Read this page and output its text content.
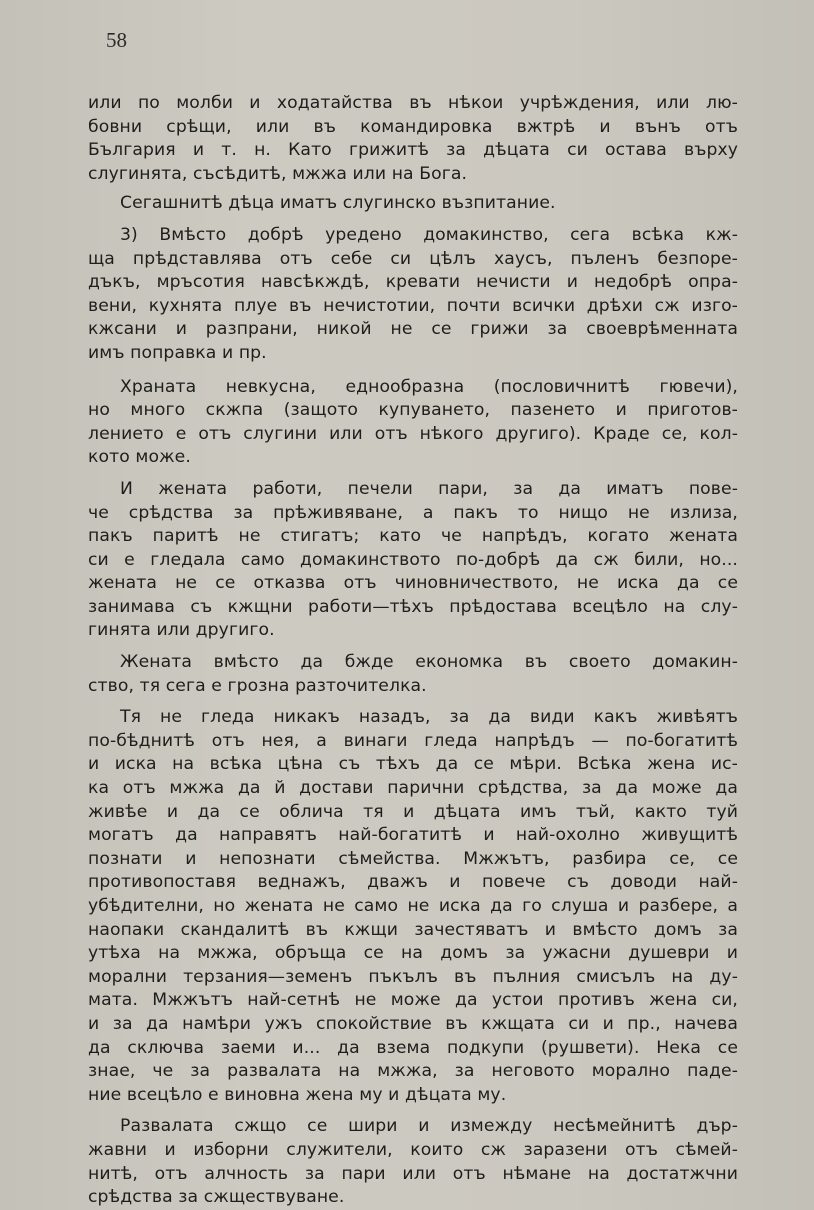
58
или по молби и ходатайства въ нѣкои учрѣждения, или лю-
бовни срѣщи, или въ командировка вжтрѣ и вънъ отъ
България и т. н. Като грижитѣ за дѣцата си остава върху
слугинята, съсѣдитѣ, мжжа или на Бога.
Сегашнитѣ дѣца иматъ слугинско възпитание.
3) Вмѣсто добрѣ уредено домакинство, сега всѣка кж-
ща прѣдставлява отъ себе си цѣлъ хаусъ, пъленъ безпоре-
дъкъ, мръсотия навсѣкждѣ, кревати нечисти и недобрѣ опра-
вени, кухнята плуе въ нечистотии, почти всички дрѣхи сж изго-
кжсани и разпрани, никой не се грижи за своеврѣменната
имъ поправка и пр.
Храната невкусна, еднообразна (пословичнитѣ гювечи),
но много скжпа (защото купуването, пазенето и приготов-
лението е отъ слугини или отъ нѣкого другиго). Краде се, кол-
кото може.
И жената работи, печели пари, за да иматъ пове-
че срѣдства за прѣживяване, а пакъ то нищо не излиза,
пакъ паритѣ не стигатъ; като че напрѣдъ, когато жената
си е гледала само домакинството по-добрѣ да сж били, но...
жената не се отказва отъ чиновничеството, не иска да се
занимава съ кжщни работи—тѣхъ прѣдостава всецѣло на слу-
гинята или другиго.
Жената вмѣсто да бжде економка въ своето домакин-
ство, тя сега е грозна разточителка.
Тя не гледа никакъ назадъ, за да види какъ живѣятъ
по-бѣднитѣ отъ нея, а винаги гледа напрѣдъ — по-богатитѣ
и иска на всѣка цѣна съ тѣхъ да се мѣри. Всѣка жена ис-
ка отъ мжжа да й достави парични срѣдства, за да може да
живѣе и да се облича тя и дѣцата имъ тъй, както туй
могатъ да направятъ най-богатитѣ и най-охолно живущитѣ
познати и непознати сѣмейства. Мжжътъ, разбира се, се
противопоставя веднажъ, дважъ и повече съ доводи най-
убѣдителни, но жената не само не иска да го слуша и разбере, а
наопаки скандалитѣ въ кжщи зачестяватъ и вмѣсто домъ за
утѣха на мжжа, обръща се на домъ за ужасни душеври и
морални терзания—земенъ пъкълъ въ пълния смисълъ на ду-
мата. Мжжътъ най-сетнѣ не може да устои противъ жена си,
и за да намѣри ужъ спокойствие въ кжщата си и пр., начева
да сключва заеми и... да взема подкупи (рушвети). Нека се
знае, че за развалата на мжжа, за неговото морално паде-
ние всецѣло е виновна жена му и дѣцата му.
Развалата сжщо се шири и измежду несѣмейнитѣ дър-
жавни и изборни служители, които сж заразени отъ сѣмей-
нитѣ, отъ алчность за пари или отъ нѣмане на достатжчни
срѣдства за сжществуване.
